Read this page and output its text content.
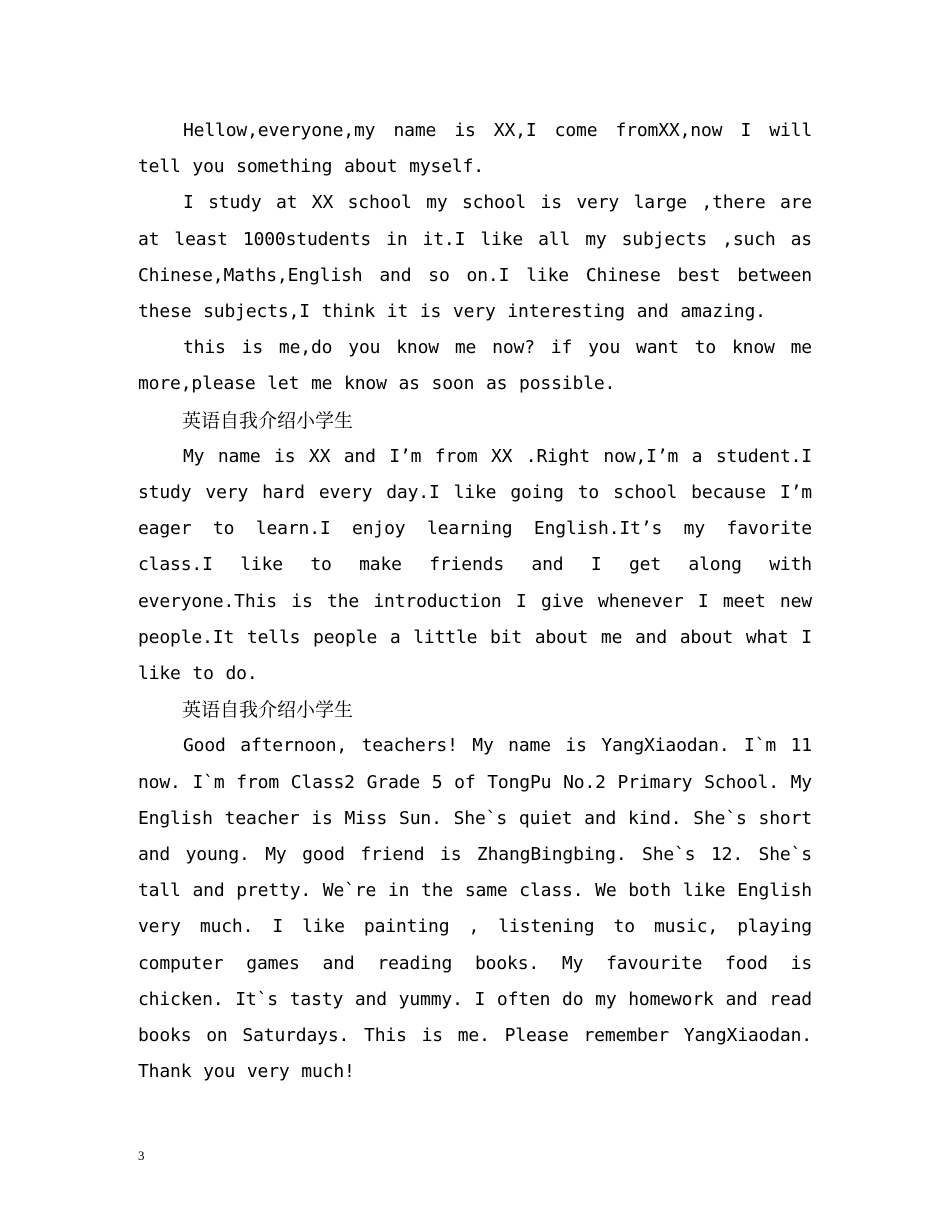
Hellow,everyone,my name is XX,I come fromXX,now I will tell you something about myself.

I study at XX school my school is very large ,there are at least 1000students in it.I like all my subjects ,such as Chinese,Maths,English and so on.I like Chinese best between these subjects,I think it is very interesting and amazing.

this is me,do you know me now? if you want to know me more,please let me know as soon as possible.

英语自我介绍小学生

My name is XX and I’m from XX .Right now,I’m a student.I study very hard every day.I like going to school because I’m eager to learn.I enjoy learning English.It’s my favorite class.I like to make friends and I get along with everyone.This is the introduction I give whenever I meet new people.It tells people a little bit about me and about what I like to do.

英语自我介绍小学生

Good afternoon, teachers! My name is YangXiaodan. I`m 11 now. I`m from Class2 Grade 5 of TongPu No.2 Primary School. My English teacher is Miss Sun. She`s quiet and kind. She`s short and young. My good friend is ZhangBingbing. She`s 12. She`s tall and pretty. We`re in the same class. We both like English very much. I like painting , listening to music, playing computer games and reading books. My favourite food is chicken. It`s tasty and yummy. I often do my homework and read books on Saturdays. This is me. Please remember YangXiaodan. Thank you very much!

3
